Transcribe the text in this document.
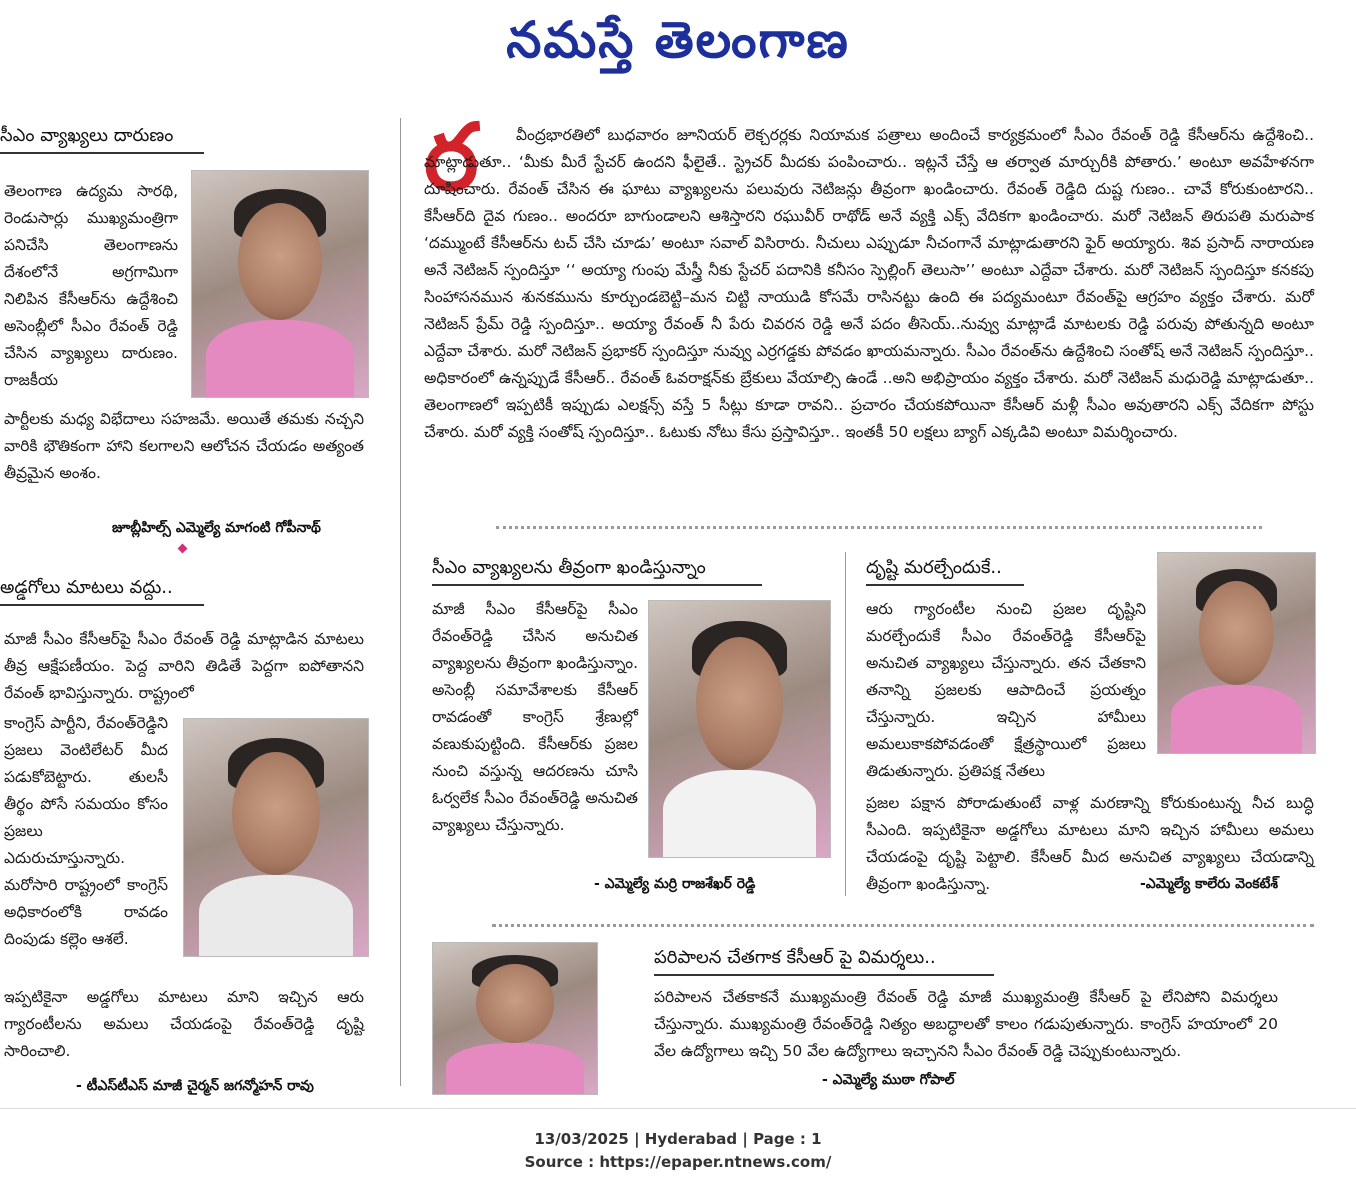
నమస్తే తెలంగాణ
సీఎం వ్యాఖ్యలు దారుణం
తెలంగాణ ఉద్యమ సారథి, రెండుసార్లు ముఖ్యమంత్రిగా పనిచేసి తెలంగాణను దేశంలోనే అగ్రగామిగా నిలిపిన కేసీఆర్‌ను ఉద్దేశించి అసెంబ్లీలో సీఎం రేవంత్ రెడ్డి చేసిన వ్యాఖ్యలు దారుణం. రాజకీయ
పార్టీలకు మధ్య విభేదాలు సహజమే. అయితే తమకు నచ్చని వారికి భౌతికంగా హాని కలగాలని ఆలోచన చేయడం అత్యంత తీవ్రమైన అంశం.
జూబ్లీహిల్స్ ఎమ్మెల్యే మాగంటి గోపీనాథ్
అడ్డగోలు మాటలు వద్దు..
మాజీ సీఎం కేసీఆర్‌పై సీఎం రేవంత్ రెడ్డి మాట్లాడిన మాటలు తీవ్ర ఆక్షేపణీయం. పెద్ద వారిని తిడితే పెద్దగా ఐపోతానని రేవంత్ భావిస్తున్నారు. రాష్ట్రంలో
కాంగ్రెస్ పార్టీని, రేవంత్‌రెడ్డిని ప్రజలు వెంటిలేటర్ మీద పడుకోబెట్టారు. తులసీ తీర్థం పోసే సమయం కోసం ప్రజలు ఎదురుచూస్తున్నారు. మరోసారి రాష్ట్రంలో కాంగ్రెస్ అధికారంలోకి రావడం దింపుడు కల్లెం ఆశలే.
ఇప్పటికైనా అడ్డగోలు మాటలు మాని ఇచ్చిన ఆరు గ్యారంటీలను అమలు చేయడంపై రేవంత్‌రెడ్డి దృష్టి సారించాలి.
- టీఎస్‌టీఎస్ మాజీ చైర్మన్ జగన్మోహన్ రావు
ర	వీంద్రభారతిలో బుధవారం జూనియర్ లెక్చరర్లకు నియామక పత్రాలు అందించే కార్యక్రమంలో సీఎం రేవంత్ రెడ్డి కేసీఆర్‌ను ఉద్దేశించి.. మాట్లాడుతూ.. ‘మీకు మీరే స్టేచర్ ఉందని ఫీలైతే.. స్ట్రెచర్ మీదకు పంపించారు.. ఇట్లనే చేస్తే ఆ తర్వాత మార్చురీకి పోతారు.’ అంటూ అవహేళనగా దూషించారు. రేవంత్ చేసిన ఈ ఘాటు వ్యాఖ్యలను పలువురు నెటిజన్లు తీవ్రంగా ఖండించారు. రేవంత్ రెడ్డిది దుష్ట గుణం.. చావే కోరుకుంటారని.. కేసీఆర్‌ది దైవ గుణం.. అందరూ బాగుండాలని ఆశిస్తారని రఘువీర్ రాథోడ్ అనే వ్యక్తి ఎక్స్ వేదికగా ఖండించారు. మరో నెటిజన్ తిరుపతి మరుపాక ‘దమ్ముంటే కేసీఆర్‌ను టచ్ చేసి చూడు’ అంటూ సవాల్ విసిరారు. నీచులు ఎప్పుడూ నీచంగానే మాట్లాడుతారని ఫైర్ అయ్యారు. శివ ప్రసాద్ నారాయణ అనే నెటిజన్ స్పందిస్తూ ‘‘ అయ్యా గుంపు మేస్త్రీ నీకు స్టేచర్ పదానికి కనీసం స్పెల్లింగ్ తెలుసా’’ అంటూ ఎద్దేవా చేశారు. మరో నెటిజన్ స్పందిస్తూ కనకపు సింహాసనమున శునకమును కూర్చుండబెట్టి–మన చిట్టి నాయుడి కోసమే రాసినట్టు ఉంది ఈ పద్యమంటూ రేవంత్‌పై ఆగ్రహం వ్యక్తం చేశారు. మరో నెటిజన్ ప్రేమ్ రెడ్డి స్పందిస్తూ.. అయ్యా రేవంత్ నీ పేరు చివరన రెడ్డి అనే పదం తీసెయ్..నువ్వు మాట్లాడే మాటలకు రెడ్డి పరువు పోతున్నది అంటూ ఎద్దేవా చేశారు. మరో నెటిజన్ ప్రభాకర్ స్పందిస్తూ నువ్వు ఎర్రగడ్డకు పోవడం ఖాయమన్నారు. సీఎం రేవంత్‌ను ఉద్దేశించి సంతోష్ అనే నెటిజన్ స్పందిస్తూ.. అధికారంలో ఉన్నప్పుడే కేసీఆర్.. రేవంత్ ఓవరాక్షన్‌కు బ్రేకులు వేయాల్సి ఉండే ..అని అభిప్రాయం వ్యక్తం చేశారు. మరో నెటిజన్ మధురెడ్డి మాట్లాడుతూ.. తెలంగాణలో ఇప్పటికీ ఇప్పుడు ఎలక్షన్స్ వస్తే 5 సీట్లు కూడా రావని.. ప్రచారం చేయకపోయినా కేసీఆర్ మళ్లీ సీఎం అవుతారని ఎక్స్ వేదికగా పోస్టు చేశారు. మరో వ్యక్తి సంతోష్ స్పందిస్తూ.. ఓటుకు నోటు కేసు ప్రస్తావిస్తూ.. ఇంతకీ 50 లక్షలు బ్యాగ్ ఎక్కడివి అంటూ విమర్శించారు.
సీఎం వ్యాఖ్యలను తీవ్రంగా ఖండిస్తున్నాం
మాజీ సీఎం కేసీఆర్‌పై సీఎం రేవంత్‌రెడ్డి చేసిన అనుచిత వ్యాఖ్యలను తీవ్రంగా ఖండిస్తున్నాం. అసెంబ్లీ సమావేశాలకు కేసీఆర్ రావడంతో కాంగ్రెస్ శ్రేణుల్లో వణుకుపుట్టింది. కేసీఆర్‌కు ప్రజల నుంచి వస్తున్న ఆదరణను చూసి ఓర్వలేక సీఎం రేవంత్‌రెడ్డి అనుచిత వ్యాఖ్యలు చేస్తున్నారు.
- ఎమ్మెల్యే మర్రి రాజశేఖర్ రెడ్డి
దృష్టి మరల్చేందుకే..
ఆరు గ్యారంటీల నుంచి ప్రజల దృష్టిని మరల్చేందుకే సీఎం రేవంత్‌రెడ్డి కేసీఆర్‌పై అనుచిత వ్యాఖ్యలు చేస్తున్నారు. తన చేతకాని తనాన్ని ప్రజలకు ఆపాదించే ప్రయత్నం చేస్తున్నారు. ఇచ్చిన హామీలు అమలుకాకపోవడంతో క్షేత్రస్థాయిలో ప్రజలు తిడుతున్నారు. ప్రతిపక్ష నేతలు
ప్రజల పక్షాన పోరాడుతుంటే వాళ్ల మరణాన్ని కోరుకుంటున్న నీచ బుద్ధి సీఎంది. ఇప్పటికైనా అడ్డగోలు మాటలు మాని ఇచ్చిన హామీలు అమలు చేయడంపై దృష్టి పెట్టాలి. కేసీఆర్ మీద అనుచిత వ్యాఖ్యలు చేయడాన్ని తీవ్రంగా ఖండిస్తున్నా.	-ఎమ్మెల్యే కాలేరు వెంకటేశ్
పరిపాలన చేతగాక కేసీఆర్ పై విమర్శలు..
పరిపాలన చేతకాకనే ముఖ్యమంత్రి రేవంత్ రెడ్డి మాజీ ముఖ్యమంత్రి కేసీఆర్ పై లేనిపోని విమర్శలు చేస్తున్నారు. ముఖ్యమంత్రి రేవంత్‌రెడ్డి నిత్యం అబద్ధాలతో కాలం గడుపుతున్నారు. కాంగ్రెస్ హయాంలో 20 వేల ఉద్యోగాలు ఇచ్చి 50 వేల ఉద్యోగాలు ఇచ్చానని సీఎం రేవంత్ రెడ్డి చెప్పుకుంటున్నారు.
- ఎమ్మెల్యే ముఠా గోపాల్
13/03/2025 | Hyderabad | Page : 1
Source : https://epaper.ntnews.com/
